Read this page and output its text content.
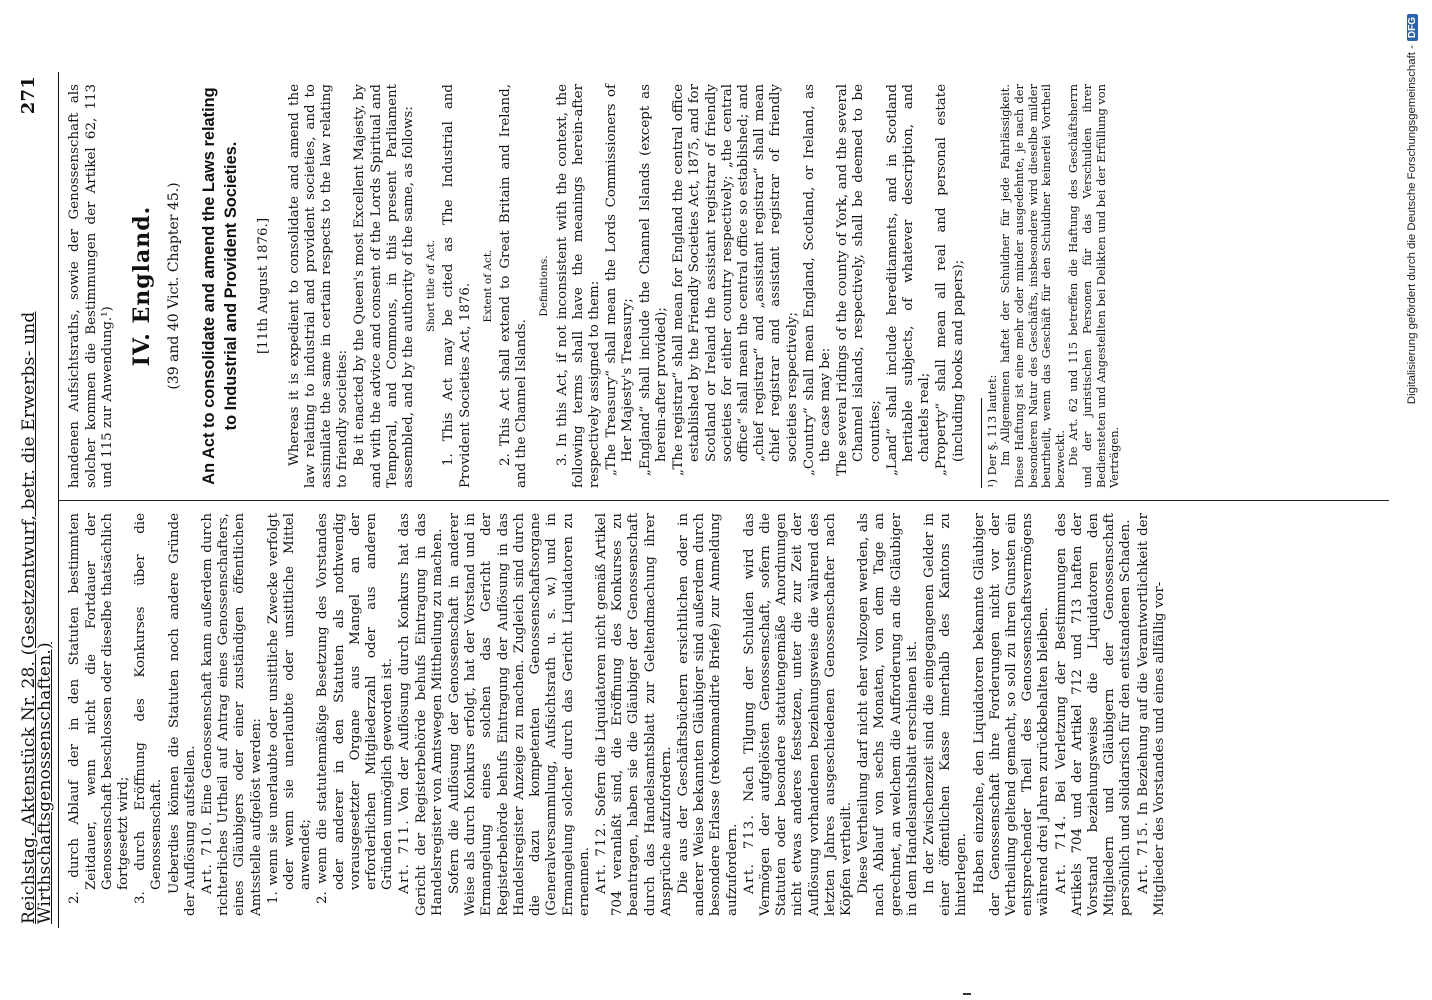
Reichstag. Aktenstück Nr. 28. (Gesetzentwurf, betr. die Erwerbs- und Wirthschaftsgenossenschaften.)
271

2. durch Ablauf der in den Statuten bestimmten Zeitdauer, wenn nicht die Fortdauer der Genossenschaft beschlossen oder dieselbe thatsächlich fortgesetzt wird; 3. durch Eröffnung des Konkurses über die Genossenschaft. Ueberdies können die Statuten noch andere Gründe der Auflösung aufstellen. Art. 710. Eine Genossenschaft kann außerdem durch richterliches Urtheil auf Antrag eines Genossenschafters, eines Gläubigers oder einer zuständigen öffentlichen Amtsstelle aufgelöst werden: 1. wenn sie unerlaubte oder unsittliche Zwecke verfolgt oder wenn sie unerlaubte oder unsittliche Mittel anwendet; 2. wenn die statutenmäßige Besetzung des Vorstandes oder anderer in den Statuten als nothwendig vorausgesetzter Organe aus Mangel an der erforderlichen Mitgliederzahl oder aus anderen Gründen unmöglich geworden ist. Art. 711. Von der Auflösung durch Konkurs hat das Gericht der Registerbehörde behufs Eintragung in das Handelsregister von Amtswegen Mittheilung zu machen. Sofern die Auflösung der Genossenschaft in anderer Weise als durch Konkurs erfolgt, hat der Vorstand und in Ermangelung eines solchen das Gericht der Registerbehörde behufs Eintragung der Auflösung in das Handelsregister Anzeige zu machen. Zugleich sind durch die dazu kompetenten Genossenschaftsorgane (Generalversammlung, Aufsichtsrath u. s. w.) und in Ermangelung solcher durch das Gericht Liquidatoren zu ernennen. Art. 712. Sofern die Liquidatoren nicht gemäß Artikel 704 veranlaßt sind, die Eröffnung des Konkurses zu beantragen, haben sie die Gläubiger der Genossenschaft durch das Handelsamtsblatt zur Geltendmachung ihrer Ansprüche aufzufordern. Die aus der Geschäftsbüchern ersichtlichen oder in anderer Weise bekannten Gläubiger sind außerdem durch besondere Erlasse (rekommandirte Briefe) zur Anmeldung aufzufordern. Art. 713. Nach Tilgung der Schulden wird das Vermögen der aufgelösten Genossenschaft, sofern die Statuten oder besondere statutengemäße Anordnungen nicht etwas anderes festsetzen, unter die zur Zeit der Auflösung vorhandenen beziehungsweise die während des letzten Jahres ausgeschiedenen Genossenschafter nach Köpfen vertheilt. Diese Vertheilung darf nicht eher vollzogen werden, als nach Ablauf von sechs Monaten, von dem Tage an gerechnet, an welchem die Aufforderung an die Gläubiger in dem Handelsamtsblatt erschienen ist. In der Zwischenzeit sind die eingegangenen Gelder in einer öffentlichen Kasse innerhalb des Kantons zu hinterlegen. Haben einzelne, den Liquidatoren bekannte Gläubiger der Genossenschaft ihre Forderungen nicht vor der Vertheilung geltend gemacht, so soll zu ihren Gunsten ein entsprechender Theil des Genossenschaftsvermögens während drei Jahren zurückbehalten bleiben. Art. 714. Bei Verletzung der Bestimmungen des Artikels 704 und der Artikel 712 und 713 haften der Vorstand beziehungsweise die Liquidatoren den Mitgliedern und Gläubigern der Genossenschaft persönlich und solidarisch für den entstandenen Schaden. Art. 715. In Beziehung auf die Verantwortlichkeit der Mitglieder des Vorstandes und eines allfällig vor-

handenen Aufsichtsraths, sowie der Genossenschaft als solcher kommen die Bestimmungen der Artikel 62, 113 und 115 zur Anwendung.¹)

IV. England. (39 and 40 Vict. Chapter 45.) An Act to consolidate and amend the Laws relating to Industrial and Provident Societies. [11th August 1876.] Whereas it is expedient to consolidate and amend the law relating to industrial and provident societies, and to assimilate the same in certain respects to the law relating to friendly societies: Be it enacted by the Queen's most Excellent Majesty, by and with the advice and consent of the Lords Spiritual and Temporal, and Commons, in this present Parliament assembled, and by the authority of the same, as follows: Short title of Act. 1. This Act may be cited as The Industrial and Provident Societies Act, 1876. Extent of Act. 2. This Act shall extend to Great Britain and Ireland, and the Channel Islands.

Definitions. 3. In this Act, if not inconsistent with the context, the following terms shall have the meanings herein-after respectively assigned to them: „The Treasury“ shall mean the Lords Commissioners of Her Majesty's Treasury; „England“ shall include the Channel Islands (except as herein-after provided); „The registrar“ shall mean for England the central office established by the Friendly Societies Act, 1875, and for Scotland or Ireland the assistant registrar of friendly societies for either country respectively; „the central office“ shall mean the central office so established; and „chief registrar“ and „assistant registrar“ shall mean chief registrar and assistant registrar of friendly societies respectively; „Country“ shall mean England, Scotland, or Ireland, as the case may be: The several ridings of the county of York, and the several Channel islands, respectively, shall be deemed to be counties; „Land“ shall include hereditaments, and in Scotland heritable subjects, of whatever description, and chattels real; „Property“ shall mean all real and personal estate (including books and papers); ¹) Der §. 113 lautet: Im Allgemeinen haftet der Schuldner für jede Fahrlässigkeit. Diese Haftung ist eine mehr oder minder ausgedehnte, je nach der besonderen Natur des Geschäfts, insbesondere wird dieselbe milder beurtheilt, wenn das Geschäft für den Schuldner keinerlei Vortheil bezweckt. Die Art. 62 und 115 betreffen die Haftung des Geschäftsherrn und der juristischen Personen für das Verschulden ihrer Bediensteten und Angestellten bei Delikten und bei der Erfüllung von Verträgen.

Digitalisierung gefördert durch die Deutsche Forschungsgemeinschaft -
DFG
